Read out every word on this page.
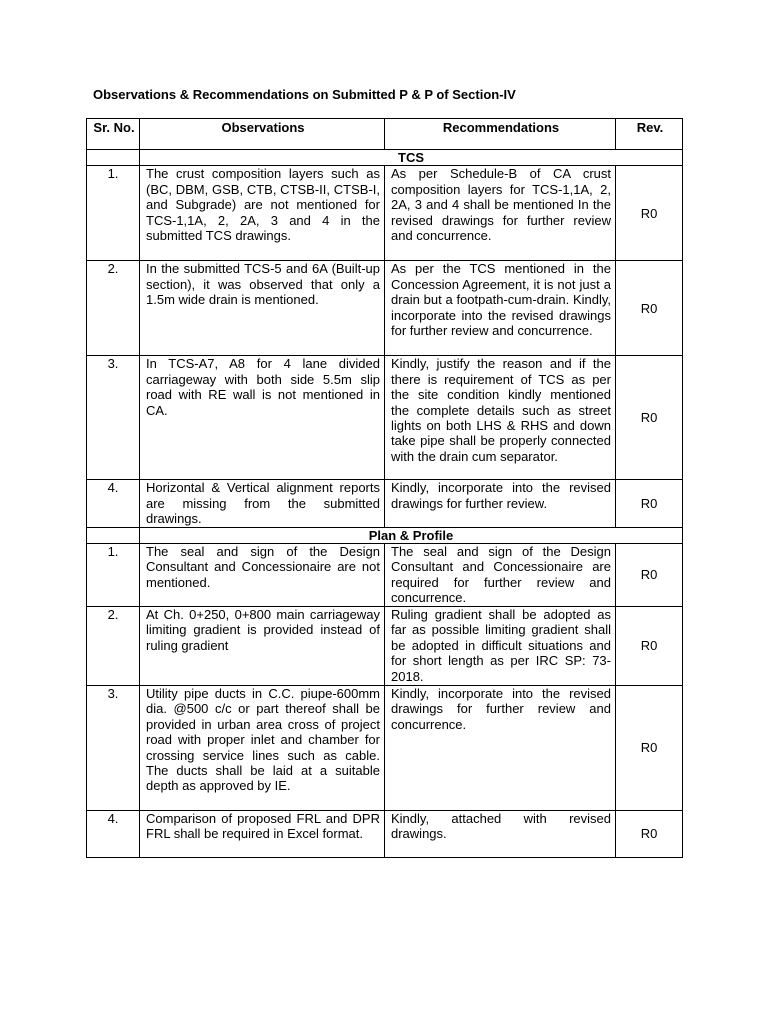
Observations & Recommendations on Submitted P & P of Section-IV
Sr. No.	Observations	Recommendations	Rev.
	TCS		
1.	The crust composition layers such as (BC, DBM, GSB, CTB, CTSB-II, CTSB-I, and Subgrade) are not mentioned for TCS-1,1A, 2, 2A, 3 and 4 in the submitted TCS drawings.	As per Schedule-B of CA crust composition layers for TCS-1,1A, 2, 2A, 3 and 4 shall be mentioned In the revised drawings for further review and concurrence.	R0
2.	In the submitted TCS-5 and 6A (Built-up section), it was observed that only a 1.5m wide drain is mentioned.	As per the TCS mentioned in the Concession Agreement, it is not just a drain but a footpath-cum-drain. Kindly, incorporate into the revised drawings for further review and concurrence.	R0
3.	In TCS-A7, A8 for 4 lane divided carriageway with both side 5.5m slip road with RE wall is not mentioned in CA.	Kindly, justify the reason and if the there is requirement of TCS as per the site condition kindly mentioned the complete details such as street lights on both LHS & RHS and down take pipe shall be properly connected with the drain cum separator.	R0
4.	Horizontal & Vertical alignment reports are missing from the submitted drawings.	Kindly, incorporate into the revised drawings for further review.	R0
	Plan & Profile		
1.	The seal and sign of the Design Consultant and Concessionaire are not mentioned.	The seal and sign of the Design Consultant and Concessionaire are required for further review and concurrence.	R0
2.	At Ch. 0+250, 0+800 main carriageway limiting gradient is provided instead of ruling gradient	Ruling gradient shall be adopted as far as possible limiting gradient shall be adopted in difficult situations and for short length as per IRC SP: 73-2018.	R0
3.	Utility pipe ducts in C.C. piupe-600mm dia. @500 c/c or part thereof shall be provided in urban area cross of project road with proper inlet and chamber for crossing service lines such as cable. The ducts shall be laid at a suitable depth as approved by IE.	Kindly, incorporate into the revised drawings for further review and concurrence.	R0
4.	Comparison of proposed FRL and DPR FRL shall be required in Excel format.	Kindly, attached with revised drawings.	R0
